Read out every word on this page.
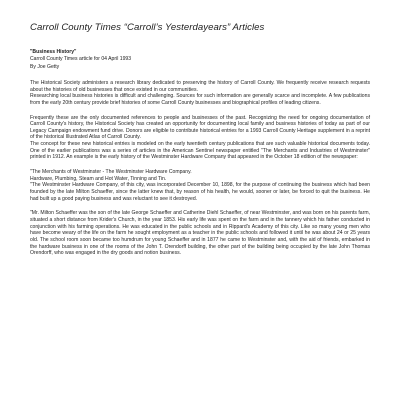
Carroll County Times “Carroll’s Yesterdayears” Articles
"Business History"
Carroll County Times article for 04 April 1993
By Joe Getty
The Historical Society administers a research library dedicated to preserving the history of Carroll County. We frequently receive research requests about the histories of old businesses that once existed in our communities.
Researching local business histories is difficult and challenging. Sources for such information are generally scarce and incomplete. A few publications from the early 20th century provide brief histories of some Carroll County businesses and biographical profiles of leading citizens.
Frequently these are the only documented references to people and businesses of the past. Recognizing the need for ongoing documentation of Carroll County's history, the Historical Society has created an opportunity for documenting local family and business histories of today as part of our Legacy Campaign endowment fund drive. Donors are eligible to contribute historical entries for a 1993 Carroll County Heritage supplement in a reprint of the historical Illustrated Atlas of Carroll County.
The concept for these new historical entries is modeled on the early twentieth century publications that are such valuable historical documents today. One of the earlier publications was a series of articles in the American Sentinel newspaper entitled "The Merchants and Industries of Westminster" printed in 1912. An example is the early history of the Westminster Hardware Company that appeared in the October 18 edition of the newspaper:
"The Merchants of Westminster - The Westminster Hardware Company.
Hardware, Plumbing, Steam and Hot Water, Tinning and Tin.
"The Westminster Hardware Company, of this city, was incorporated December 10, 1898, for the purpose of continuing the business which had been founded by the late Milton Schaeffer, since the latter knew that, by reason of his health, he would, sooner or later, be forced to quit the business. He had built up a good paying business and was reluctant to see it destroyed.
"Mr. Milton Schaeffer was the son of the late George Schaeffer and Catherine Diehl Schaeffer, of near Westminster, and was born on his parents farm, situated a short distance from Krider's Church, in the year 1853. His early life was spent on the farm and in the tannery which his father conducted in conjunction with his farming operations. He was educated in the public schools and in Rippard's Academy of this city. Like so many young men who have become weary of the life on the farm he sought employment as a teacher in the public schools and followed it until he was about 24 or 25 years old. The school room soon became too humdrum for young Schaeffer and in 1877 he came to Westminster and, with the aid of friends, embarked in the hardware business in one of the rooms of the John T. Orendorff building, the other part of the building being occupied by the late John Thomas Orendorff, who was engaged in the dry goods and notion business.
